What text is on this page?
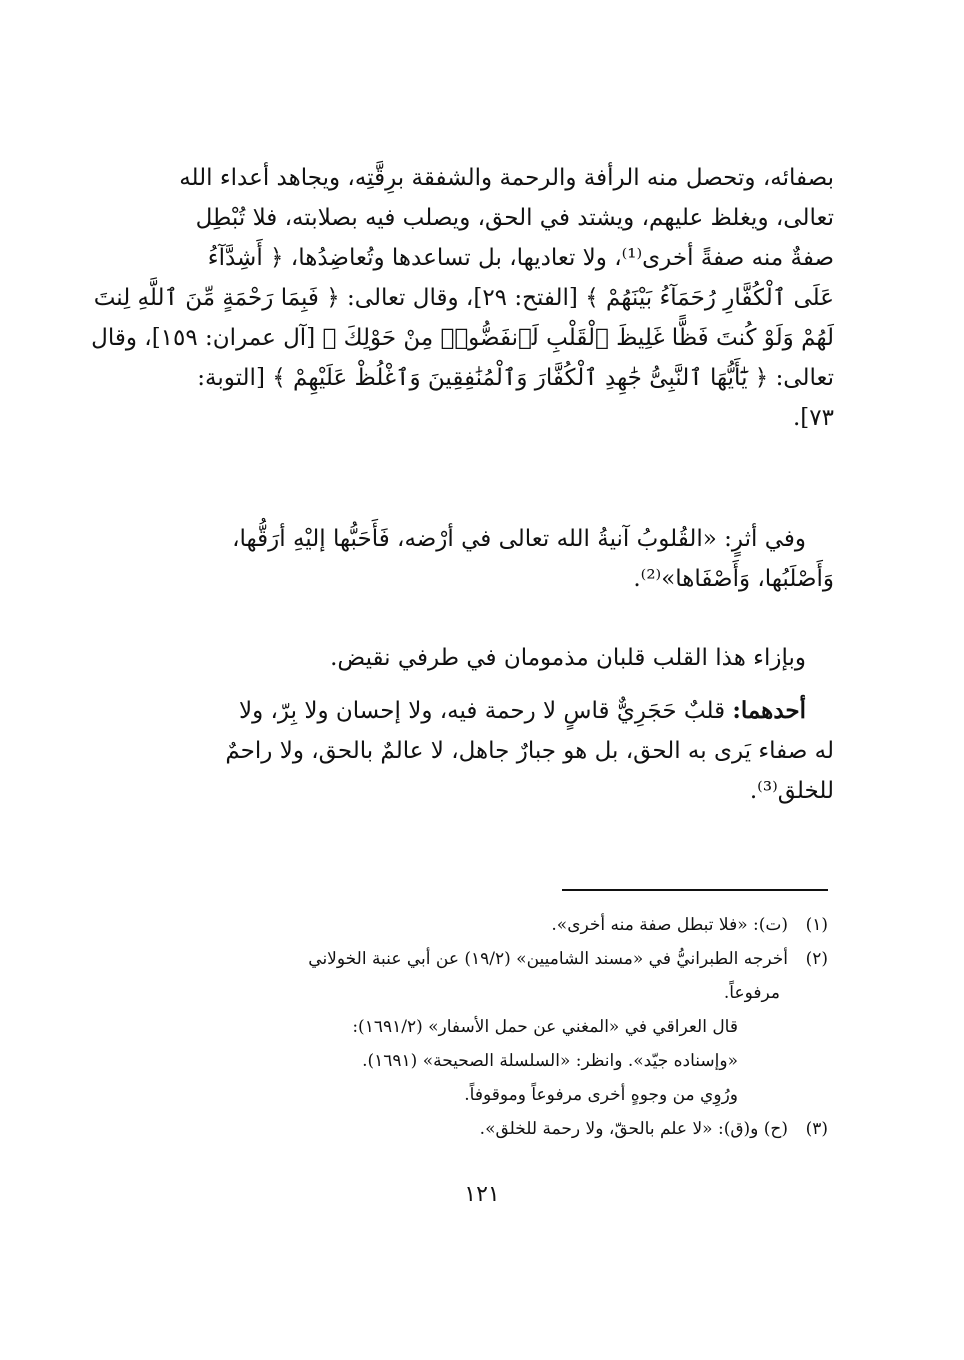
بصفائه، وتحصل منه الرأفة والرحمة والشفقة برِقَّتِه، ويجاهد أعداء الله
تعالى، ويغلظ عليهم، ويشتد في الحق، ويصلب فيه بصلابته، فلا تُبْطِل
صفةٌ منه صفةً أخرى⁽¹⁾، ولا تعاديها، بل تساعدها وتُعاضِدُها، ﴿ أَشِدَّآءُ
عَلَى ٱلْكُفَّارِ رُحَمَآءُ بَيْنَهُمْ ﴾ [الفتح: ٢٩]، وقال تعالى: ﴿ فَبِمَا رَحْمَةٍ مِّنَ ٱللَّهِ لِنتَ
لَهُمْ وَلَوْ كُنتَ فَظًّا غَلِيظَ ٱلْقَلْبِ لَٱنفَضُّوا۟ مِنْ حَوْلِكَ ﴾ [آل عمران: ١٥٩]، وقال
تعالى: ﴿ يَٰٓأَيُّهَا ٱلنَّبِىُّ جَٰهِدِ ٱلْكُفَّارَ وَٱلْمُنَٰفِقِينَ وَٱغْلُظْ عَلَيْهِمْ ﴾ [التوبة:
٧٣].
وفي أثرٍ: «القُلوبُ آنيةُ الله تعالى في أرْضه، فَأَحَبُّها إليْهِ أرَقُّها،
وَأَصْلَبُها، وَأَصْفَاها»⁽²⁾.
وبإزاء هذا القلب قلبان مذمومان في طرفي نقيض.
أحدهما: قلبٌ حَجَرِيٌّ قاسٍ لا رحمة فيه، ولا إحسان ولا بِرّ، ولا
له صفاء يَرى به الحق، بل هو جبارٌ جاهل، لا عالمٌ بالحق، ولا راحمٌ
للخلق⁽³⁾.
(١)(ت): «فلا تبطل صفة منه أخرى».
(٢)أخرجه الطبرانيُّ في «مسند الشاميين» (١٩/٢) عن أبي عنبة الخولاني
مرفوعاً.
قال العراقي في «المغني عن حمل الأسفار» (١٦٩١/٢):
«وإسناده جيّد». وانظر: «السلسلة الصحيحة» (١٦٩١).
ورُوِي من وجوهٍ أخرى مرفوعاً وموقوفاً.
(٣)(ح) و(ق): «لا علم بالحقّ، ولا رحمة للخلق».
١٢١
